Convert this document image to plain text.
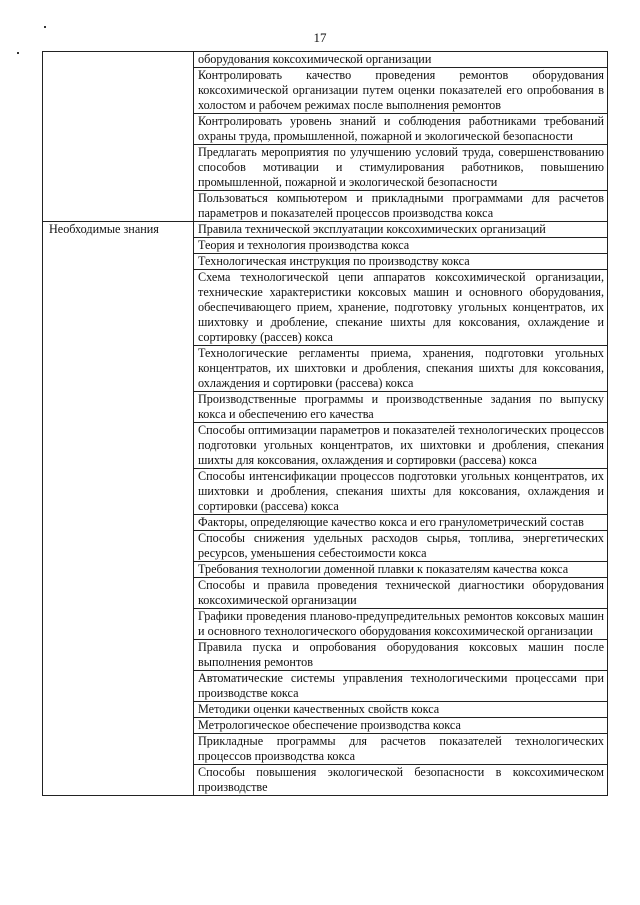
17
	оборудования коксохимической организации
	Контролировать качество проведения ремонтов оборудования коксохимической организации путем оценки показателей его опробования в холостом и рабочем режимах после выполнения ремонтов
	Контролировать уровень знаний и соблюдения работниками требований охраны труда, промышленной, пожарной и экологической безопасности
	Предлагать мероприятия по улучшению условий труда, совершенствованию способов мотивации и стимулирования работников, повышению промышленной, пожарной и экологической безопасности
	Пользоваться компьютером и прикладными программами для расчетов параметров и показателей процессов производства кокса
Необходимые знания	Правила технической эксплуатации коксохимических организаций
	Теория и технология производства кокса
	Технологическая инструкция по производству кокса
	Схема технологической цепи аппаратов коксохимической организации, технические характеристики коксовых машин и основного оборудования, обеспечивающего прием, хранение, подготовку угольных концентратов, их шихтовку и дробление, спекание шихты для коксования, охлаждение и сортировку (рассев) кокса
	Технологические регламенты приема, хранения, подготовки угольных концентратов, их шихтовки и дробления, спекания шихты для коксования, охлаждения и сортировки (рассева) кокса
	Производственные программы и производственные задания по выпуску кокса и обеспечению его качества
	Способы оптимизации параметров и показателей технологических процессов подготовки угольных концентратов, их шихтовки и дробления, спекания шихты для коксования, охлаждения и сортировки (рассева) кокса
	Способы интенсификации процессов подготовки угольных концентратов, их шихтовки и дробления, спекания шихты для коксования, охлаждения и сортировки (рассева) кокса
	Факторы, определяющие качество кокса и его гранулометрический состав
	Способы снижения удельных расходов сырья, топлива, энергетических ресурсов, уменьшения себестоимости кокса
	Требования технологии доменной плавки к показателям качества кокса
	Способы и правила проведения технической диагностики оборудования коксохимической организации
	Графики проведения планово-предупредительных ремонтов коксовых машин и основного технологического оборудования коксохимической организации
	Правила пуска и опробования оборудования коксовых машин после выполнения ремонтов
	Автоматические системы управления технологическими процессами при производстве кокса
	Методики оценки качественных свойств кокса
	Метрологическое обеспечение производства кокса
	Прикладные программы для расчетов показателей технологических процессов производства кокса
	Способы повышения экологической безопасности в коксохимическом производстве
